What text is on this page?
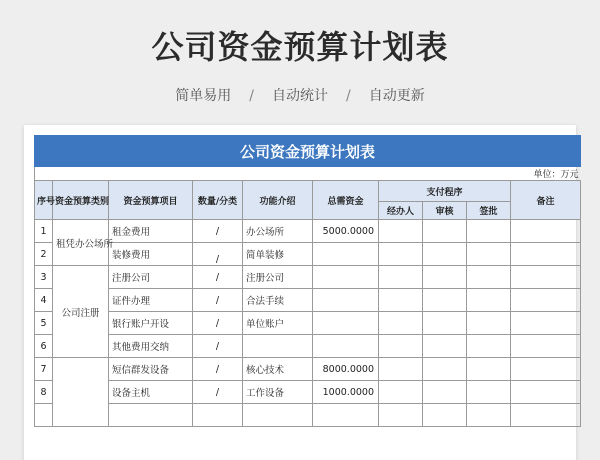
公司资金预算计划表
简单易用 / 自动统计 / 自动更新
公司资金预算计划表									
单位：万元									
序号	资金预算类别	资金预算项目	数量/分类	功能介绍	总需资金	支付程序			备注
						经办人	审核	签批	
1	租凭办公场所	租金费用	/	办公场所	5000.0000				
2		装修费用	/	简单装修					
3	公司注册	注册公司	/	注册公司					
4		证件办理	/	合法手续					
5		银行账户开设	/	单位账户					
6		其他费用交纳	/						
7		短信群发设备	/	核心技术	8000.0000				
8		设备主机	/	工作设备	1000.0000				
